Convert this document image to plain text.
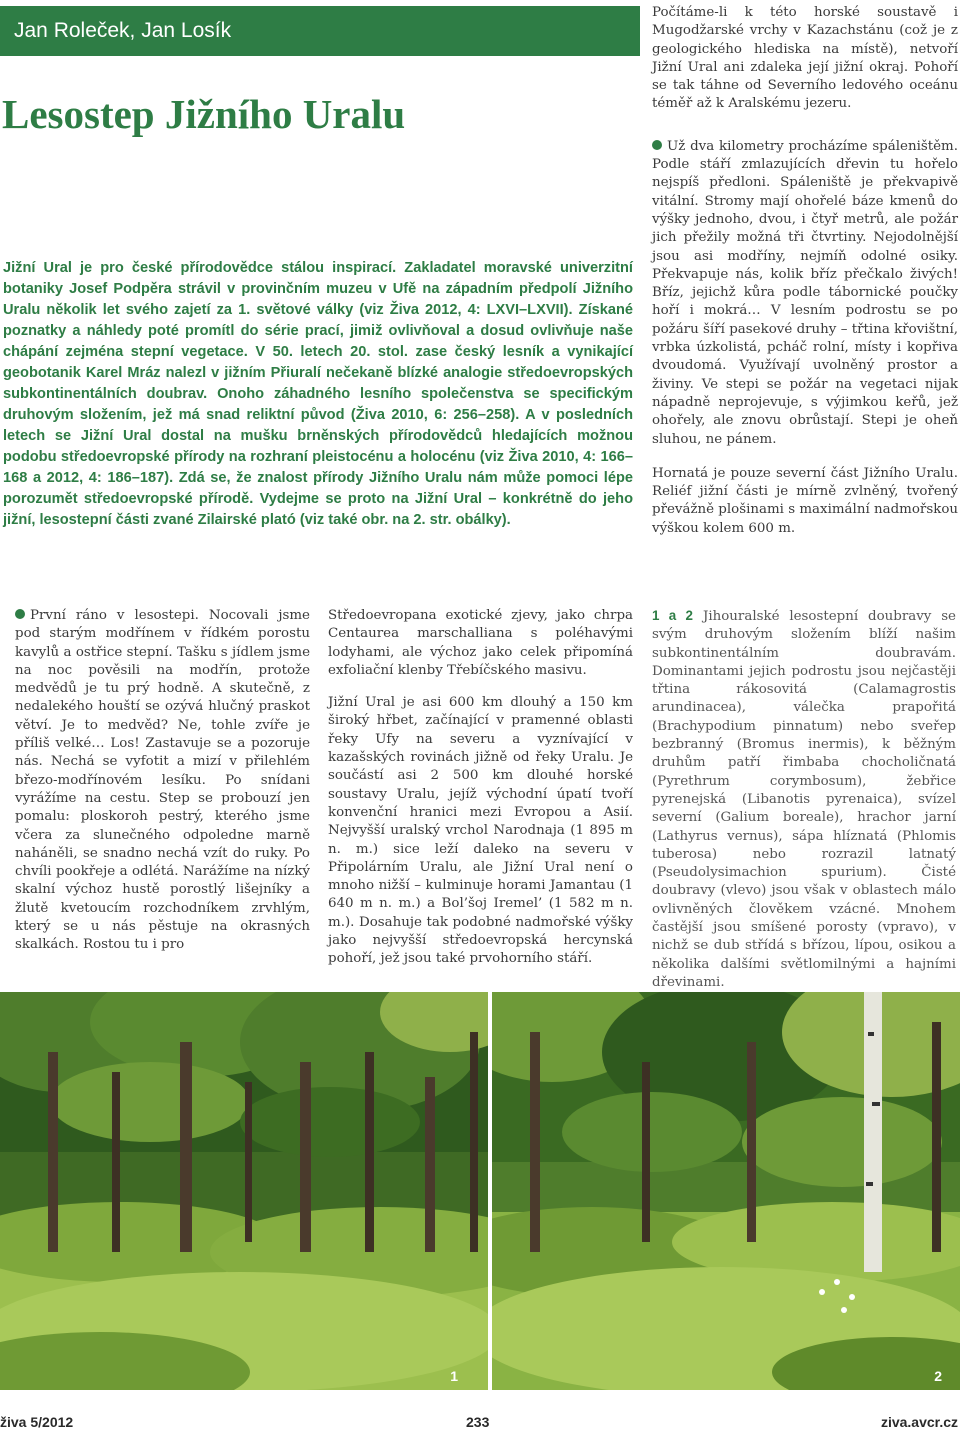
Jan Roleček, Jan Losík
Lesostep Jižního Uralu
Jižní Ural je pro české přírodovědce stálou inspirací. Zakladatel moravské univerzitní botaniky Josef Podpěra strávil v provinčním muzeu v Ufě na západním předpolí Jižního Uralu několik let svého zajetí za 1. světové války (viz Živa 2012, 4: LXVI–LXVII). Získané poznatky a náhledy poté promítl do série prací, jimiž ovlivňoval a dosud ovlivňuje naše chápání zejména stepní vegetace. V 50. letech 20. stol. zase český lesník a vynikající geobotanik Karel Mráz nalezl v jižním Přiuralí nečekaně blízké analogie středoevropských subkontinentálních doubrav. Onoho záhadného lesního společenstva se specifickým druhovým složením, jež má snad reliktní původ (Živa 2010, 6: 256–258). A v posledních letech se Jižní Ural dostal na mušku brněnských přírodovědců hledajících možnou podobu středoevropské přírody na rozhraní pleistocénu a holocénu (viz Živa 2010, 4: 166–168 a 2012, 4: 186–187). Zdá se, že znalost přírody Jižního Uralu nám může pomoci lépe porozumět středoevropské přírodě. Vydejme se proto na Jižní Ural – konkrétně do jeho jižní, lesostepní části zvané Zilairské plató (viz také obr. na 2. str. obálky).

Počítáme-li k této horské soustavě i Mugodžarské vrchy v Kazachstánu (což je z geologického hlediska na místě), netvoří Jižní Ural ani zdaleka její jižní okraj. Pohoří se tak táhne od Severního ledového oceánu téměř až k Aralskému jezeru.

Už dva kilometry procházíme spáleništěm. Podle stáří zmlazujících dřevin tu hořelo nejspíš předloni. Spáleniště je překvapivě vitální. Stromy mají ohořelé báze kmenů do výšky jednoho, dvou, i čtyř metrů, ale požár jich přežily možná tři čtvrtiny. Nejodolnější jsou asi modříny, nejmíň odolné osiky. Překvapuje nás, kolik bříz přečkalo živých! Bříz, jejichž kůra podle tábornické poučky hoří i mokrá… V lesním podrostu se po požáru šíří pasekové druhy – třtina křovištní, vrbka úzkolistá, pcháč rolní, místy i kopřiva dvoudomá. Využívají uvolněný prostor a živiny. Ve stepi se požár na vegetaci nijak nápadně neprojevuje, s výjimkou keřů, jež ohořely, ale znovu obrůstají. Stepi je oheň sluhou, ne pánem.

Hornatá je pouze severní část Jižního Uralu. Reliéf jižní části je mírně zvlněný, tvořený převážně plošinami s maximální nadmořskou výškou kolem 600 m.

První ráno v lesostepi. Nocovali jsme pod starým modřínem v řídkém porostu kavylů a ostřice stepní. Tašku s jídlem jsme na noc pověsili na modřín, protože medvědů je tu prý hodně. A skutečně, z nedalekého houští se ozývá hlučný praskot větví. Je to medvěd? Ne, tohle zvíře je příliš velké… Los! Zastavuje se a pozoruje nás. Nechá se vyfotit a mizí v přilehlém březo-modřínovém lesíku. Po snídani vyrážíme na cestu. Step se probouzí jen pomalu: ploskoroh pestrý, kterého jsme včera za slunečného odpoledne marně naháněli, se snadno nechá vzít do ruky. Po chvíli pookřeje a odlétá. Narážíme na nízký skalní výchoz hustě porostlý lišejníky a žlutě kvetoucím rozchodníkem zrvhlým, který se u nás pěstuje na okrasných skalkách. Rostou tu i pro

Středoevropana exotické zjevy, jako chrpa Centaurea marschalliana s poléhavými lodyhami, ale výchoz jako celek připomíná exfoliační klenby Třebíčského masivu.

Jižní Ural je asi 600 km dlouhý a 150 km široký hřbet, začínající v pramenné oblasti řeky Ufy na severu a vyznívající v kazašských rovinách jižně od řeky Uralu. Je součástí asi 2 500 km dlouhé horské soustavy Uralu, jejíž východní úpatí tvoří konvenční hranici mezi Evropou a Asií. Nejvyšší uralský vrchol Narodnaja (1 895 m n. m.) sice leží daleko na severu v Připolárním Uralu, ale Jižní Ural není o mnoho nižší – kulminuje horami Jamantau (1 640 m n. m.) a Bol’šoj Iremel’ (1 582 m n. m.). Dosahuje tak podobné nadmořské výšky jako nejvyšší středoevropská hercynská pohoří, jež jsou také prvohorního stáří.

1 a 2 Jihouralské lesostepní doubravy se svým druhovým složením blíží našim subkontinentálním doubravám. Dominantami jejich podrostu jsou nejčastěji třtina rákosovitá (Calamagrostis arundinacea), válečka prapořitá (Brachypodium pinnatum) nebo sveřep bezbranný (Bromus inermis), k běžným druhům patří řimbaba chocholičnatá (Pyrethrum corymbosum), žebřice pyrenejská (Libanotis pyrenaica), svízel severní (Galium boreale), hrachor jarní (Lathyrus vernus), sápa hlíznatá (Phlomis tuberosa) nebo rozrazil latnatý (Pseudolysimachion spurium). Čisté doubravy (vlevo) jsou však v oblastech málo ovlivněných člověkem vzácné. Mnohem častější jsou smíšené porosty (vpravo), v nichž se dub střídá s břízou, lípou, osikou a několika dalšími světlomilnými a hajními dřevinami.

1	2
živa 5/2012	233	ziva.avcr.cz
